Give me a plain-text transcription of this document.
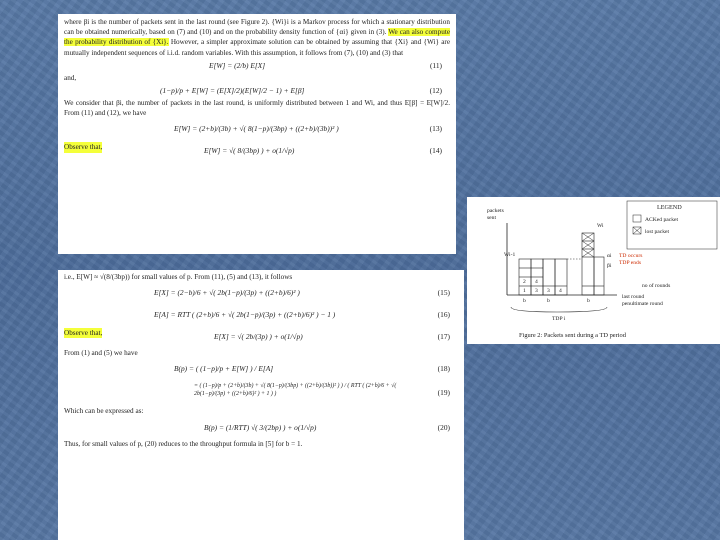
where βi is the number of packets sent in the last round (see Figure 2). {Wi}i is a Markov process for which a stationary distribution can be obtained numerically, based on (7) and (10) and on the probability density function of {αi} given in (3). We can also compute the probability distribution of {Xi}. However, a simpler approximate solution can be obtained by assuming that {Xi} and {Wi} are mutually independent sequences of i.i.d. random variables. With this assumption, it follows from (7), (10) and (3) that

E[W] = (2/b) E[X]	(11)

and,

(1−p)/p + E[W] = (E[X]/2)(E[W]/2 − 1) + E[β]	(12)

We consider that βi, the number of packets in the last round, is uniformly distributed between 1 and Wi, and thus E[β] = E[W]/2. From (11) and (12), we have

E[W] = (2+b)/(3b) + √( 8(1−p)/(3bp) + ((2+b)/(3b))² )	(13)
Observe that,	E[W] = √( 8/(3bp) ) + o(1/√p)	(14)

i.e., E[W] ≈ √(8/(3bp)) for small values of p. From (11), (5) and (13), it follows

E[X] = (2−b)/6 + √( 2b(1−p)/(3p) + ((2+b)/6)² )	(15)
E[A] = RTT ( (2+b)/6 + √( 2b(1−p)/(3p) + ((2+b)/6)² ) − 1 )	(16)
Observe that,	E[X] = √( 2b/(3p) ) + o(1/√p)	(17)

From (1) and (5) we have

B(p) = ( (1−p)/p + E[W] ) / E[A]	(18)
= ( (1−p)/p + (2+b)/(3b) + √( 8(1−p)/(3bp) + ((2+b)/(3b))² ) ) / ( RTT ( (2+b)/6 + √( 2b(1−p)/(3p) + ((2+b)/6)² ) + 1 ) )	(19)

Which can be expressed as:

B(p) = (1/RTT) √( 3/(2bp) ) + o(1/√p)	(20)

Thus, for small values of p, (20) reduces to the throughput formula in [5] for b = 1.

packets
sent
Wi-1
Wi
1
2
3
4
3 4
αi
βi
TD occurs
TDP ends
no of rounds
last round
penultimate round
b	b	b
TDP i
LEGEND
ACKed packet
lost packet
Figure 2: Packets sent during a TD period
